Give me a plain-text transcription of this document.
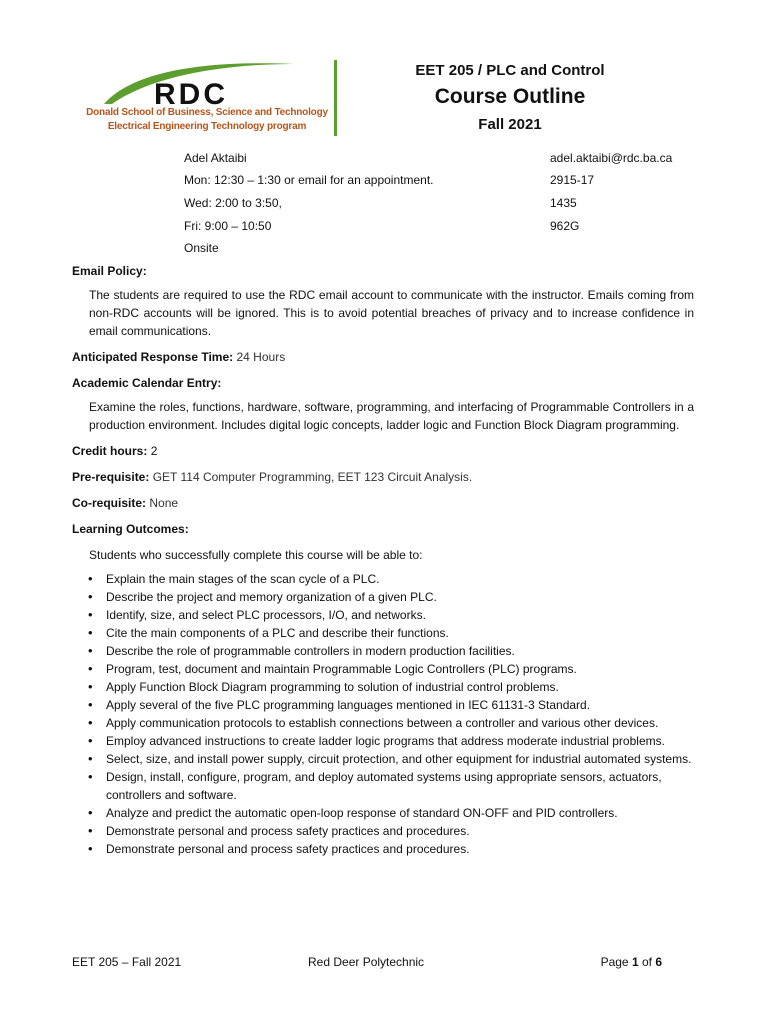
RDC
Donald School of Business, Science and Technology
Electrical Engineering Technology program
EET 205 / PLC and Control
Course Outline
Fall 2021
Adel Aktaibi	adel.aktaibi@rdc.ba.ca
Mon: 12:30 – 1:30 or email for an appointment.	2915-17
Wed: 2:00 to 3:50,	1435
Fri: 9:00 – 10:50	962G
Onsite
Email Policy:
The students are required to use the RDC email account to communicate with the instructor. Emails coming from non-RDC accounts will be ignored. This is to avoid potential breaches of privacy and to increase confidence in email communications.
Anticipated Response Time: 24 Hours
Academic Calendar Entry:
Examine the roles, functions, hardware, software, programming, and interfacing of Programmable Controllers in a production environment. Includes digital logic concepts, ladder logic and Function Block Diagram programming.
Credit hours: 2
Pre-requisite: GET 114 Computer Programming, EET 123 Circuit Analysis.
Co-requisite: None
Learning Outcomes:
Students who successfully complete this course will be able to:
• Explain the main stages of the scan cycle of a PLC.
• Describe the project and memory organization of a given PLC.
• Identify, size, and select PLC processors, I/O, and networks.
• Cite the main components of a PLC and describe their functions.
• Describe the role of programmable controllers in modern production facilities.
• Program, test, document and maintain Programmable Logic Controllers (PLC) programs.
• Apply Function Block Diagram programming to solution of industrial control problems.
• Apply several of the five PLC programming languages mentioned in IEC 61131-3 Standard.
• Apply communication protocols to establish connections between a controller and various other devices.
• Employ advanced instructions to create ladder logic programs that address moderate industrial problems.
• Select, size, and install power supply, circuit protection, and other equipment for industrial automated systems.
• Design, install, configure, program, and deploy automated systems using appropriate sensors, actuators, controllers and software.
• Analyze and predict the automatic open-loop response of standard ON-OFF and PID controllers.
• Demonstrate personal and process safety practices and procedures.
• Demonstrate personal and process safety practices and procedures.
EET 205 – Fall 2021	Red Deer Polytechnic	Page 1 of 6
